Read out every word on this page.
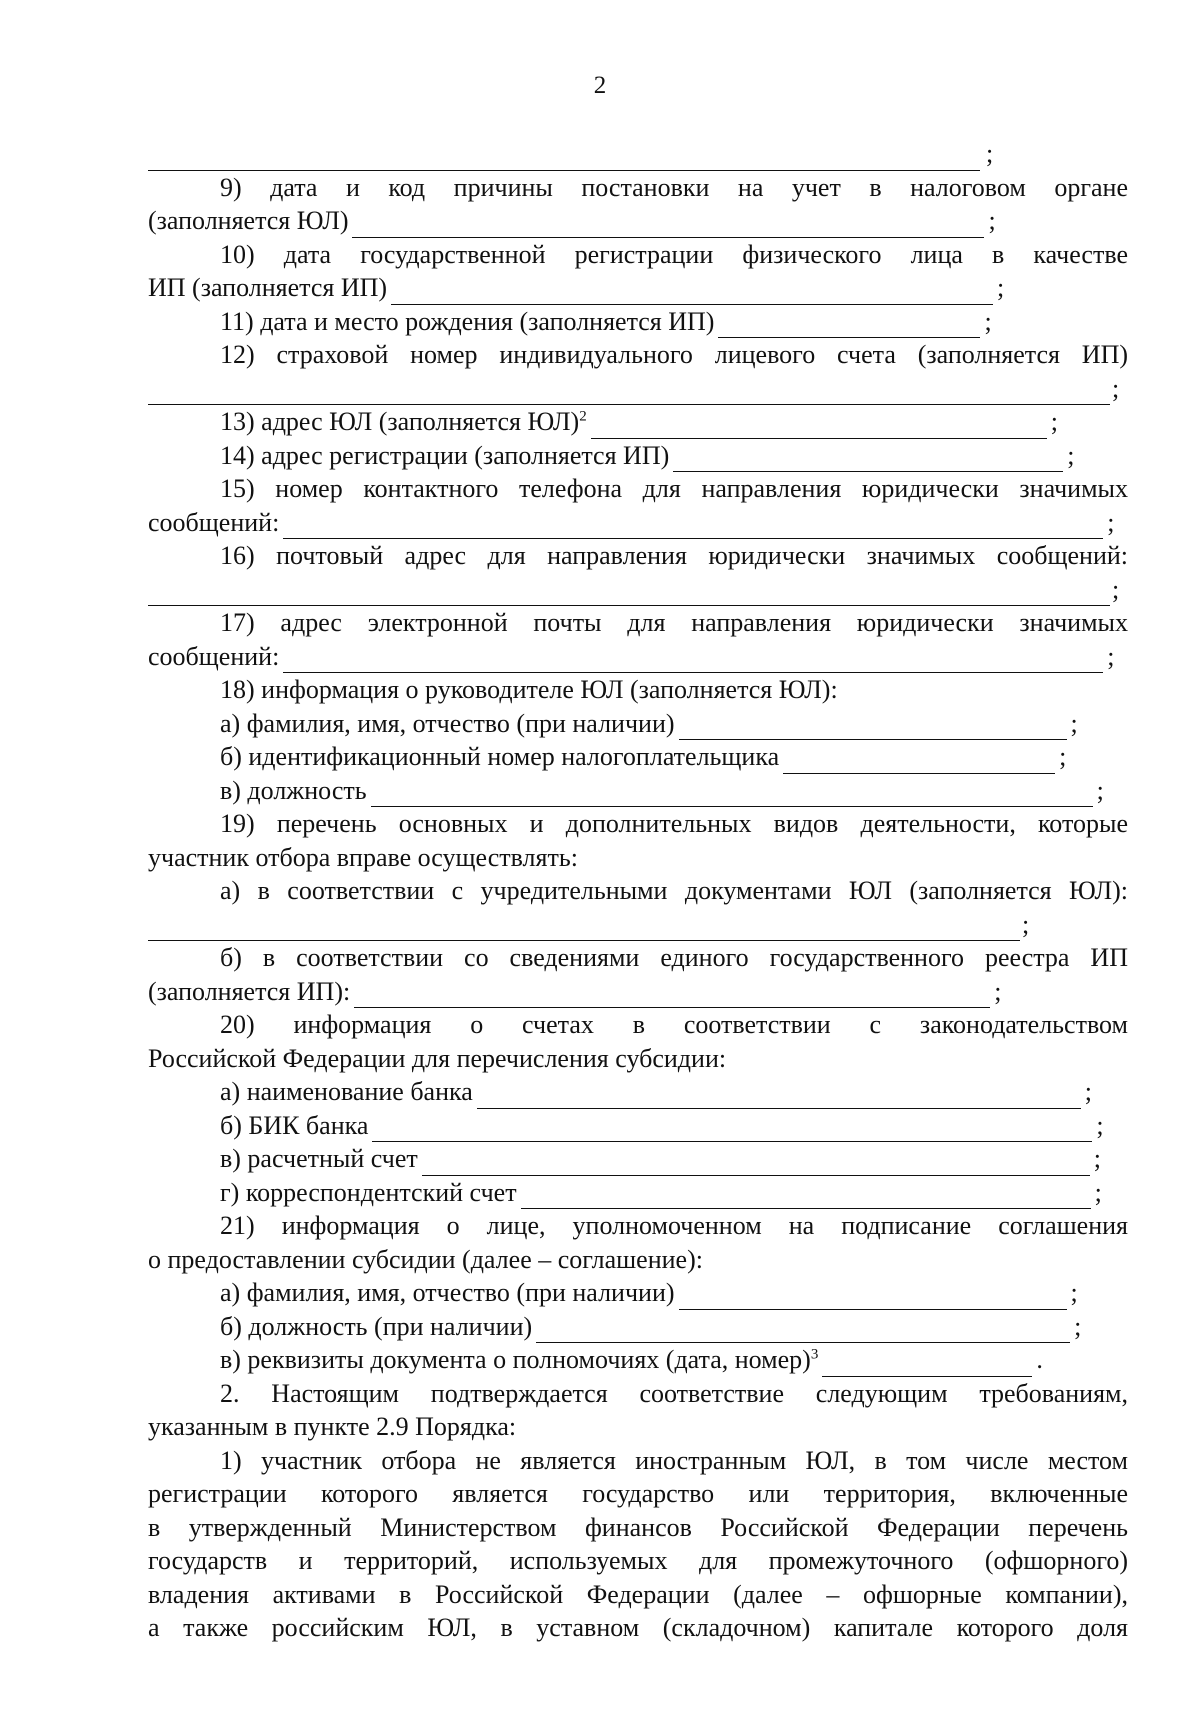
2
;
9) дата и код причины постановки на учет в налоговом органе
(заполняется ЮЛ)	;
10) дата государственной регистрации физического лица в качестве
ИП (заполняется ИП)	;
11) дата и место рождения (заполняется ИП)	;
12) страховой номер индивидуального лицевого счета (заполняется ИП)
;
13) адрес ЮЛ (заполняется ЮЛ)$^2$	;
14) адрес регистрации (заполняется ИП)	;
15) номер контактного телефона для направления юридически значимых
сообщений:	;
16) почтовый адрес для направления юридически значимых сообщений:
;
17) адрес электронной почты для направления юридически значимых
сообщений:	;
18) информация о руководителе ЮЛ (заполняется ЮЛ):
а) фамилия, имя, отчество (при наличии)	;
б) идентификационный номер налогоплательщика	;
в) должность	;
19) перечень основных и дополнительных видов деятельности, которые
участник отбора вправе осуществлять:
а) в соответствии с учредительными документами ЮЛ (заполняется ЮЛ):
;
б) в соответствии со сведениями единого государственного реестра ИП
(заполняется ИП):	;
20) информация о счетах в соответствии с законодательством
Российской Федерации для перечисления субсидии:
а) наименование банка	;
б) БИК банка	;
в) расчетный счет	;
г) корреспондентский счет	;
21) информация о лице, уполномоченном на подписание соглашения
о предоставлении субсидии (далее – соглашение):
а) фамилия, имя, отчество (при наличии)	;
б) должность (при наличии)	;
в) реквизиты документа о полномочиях (дата, номер)$^3$	.
2. Настоящим подтверждается соответствие следующим требованиям,
указанным в пункте 2.9 Порядка:
1) участник отбора не является иностранным ЮЛ, в том числе местом
регистрации которого является государство или территория, включенные
в утвержденный Министерством финансов Российской Федерации перечень
государств и территорий, используемых для промежуточного (офшорного)
владения активами в Российской Федерации (далее – офшорные компании),
а также российским ЮЛ, в уставном (складочном) капитале которого доля
